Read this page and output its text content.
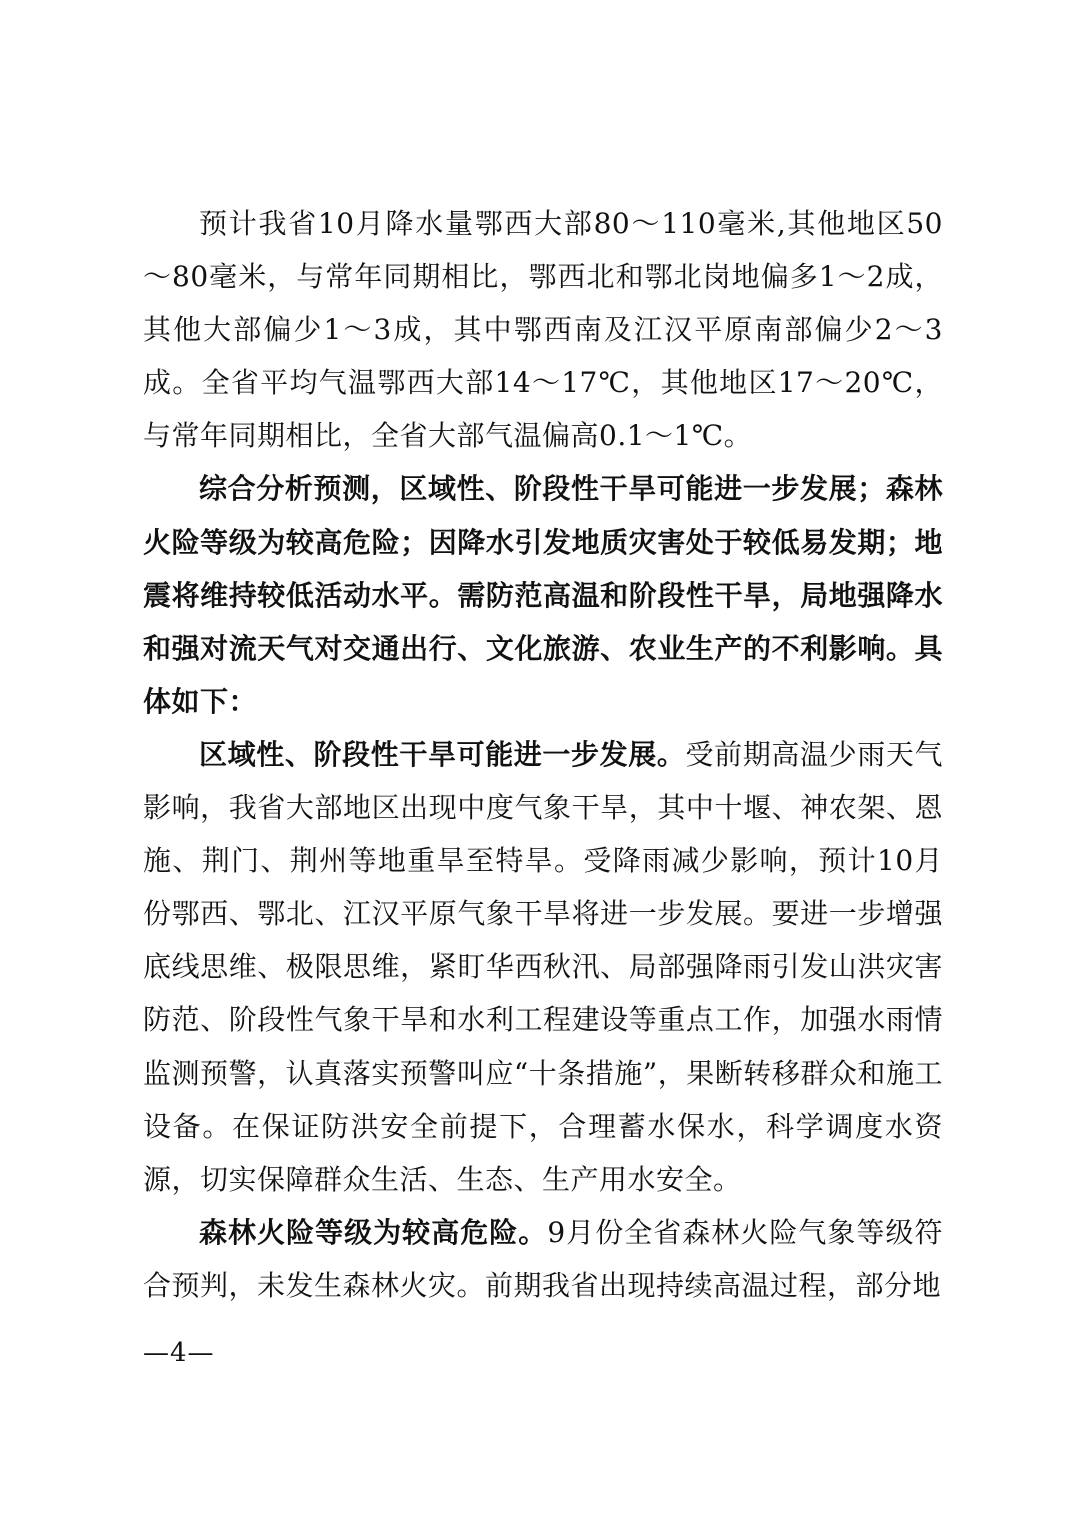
预计我省10月降水量鄂西大部80～110毫米,其他地区50～80毫米，与常年同期相比，鄂西北和鄂北岗地偏多1～2成，其他大部偏少1～3成，其中鄂西南及江汉平原南部偏少2～3成。全省平均气温鄂西大部14～17℃，其他地区17～20℃，与常年同期相比，全省大部气温偏高0.1～1℃。

综合分析预测，区域性、阶段性干旱可能进一步发展；森林火险等级为较高危险；因降水引发地质灾害处于较低易发期；地震将维持较低活动水平。需防范高温和阶段性干旱，局地强降水和强对流天气对交通出行、文化旅游、农业生产的不利影响。具体如下：

区域性、阶段性干旱可能进一步发展。受前期高温少雨天气影响，我省大部地区出现中度气象干旱，其中十堰、神农架、恩施、荆门、荆州等地重旱至特旱。受降雨减少影响，预计10月份鄂西、鄂北、江汉平原气象干旱将进一步发展。要进一步增强底线思维、极限思维，紧盯华西秋汛、局部强降雨引发山洪灾害防范、阶段性气象干旱和水利工程建设等重点工作，加强水雨情监测预警，认真落实预警叫应“十条措施”，果断转移群众和施工设备。在保证防洪安全前提下，合理蓄水保水，科学调度水资源，切实保障群众生活、生态、生产用水安全。

森林火险等级为较高危险。9月份全省森林火险气象等级符合预判，未发生森林火灾。前期我省出现持续高温过程，部分地

—4—
